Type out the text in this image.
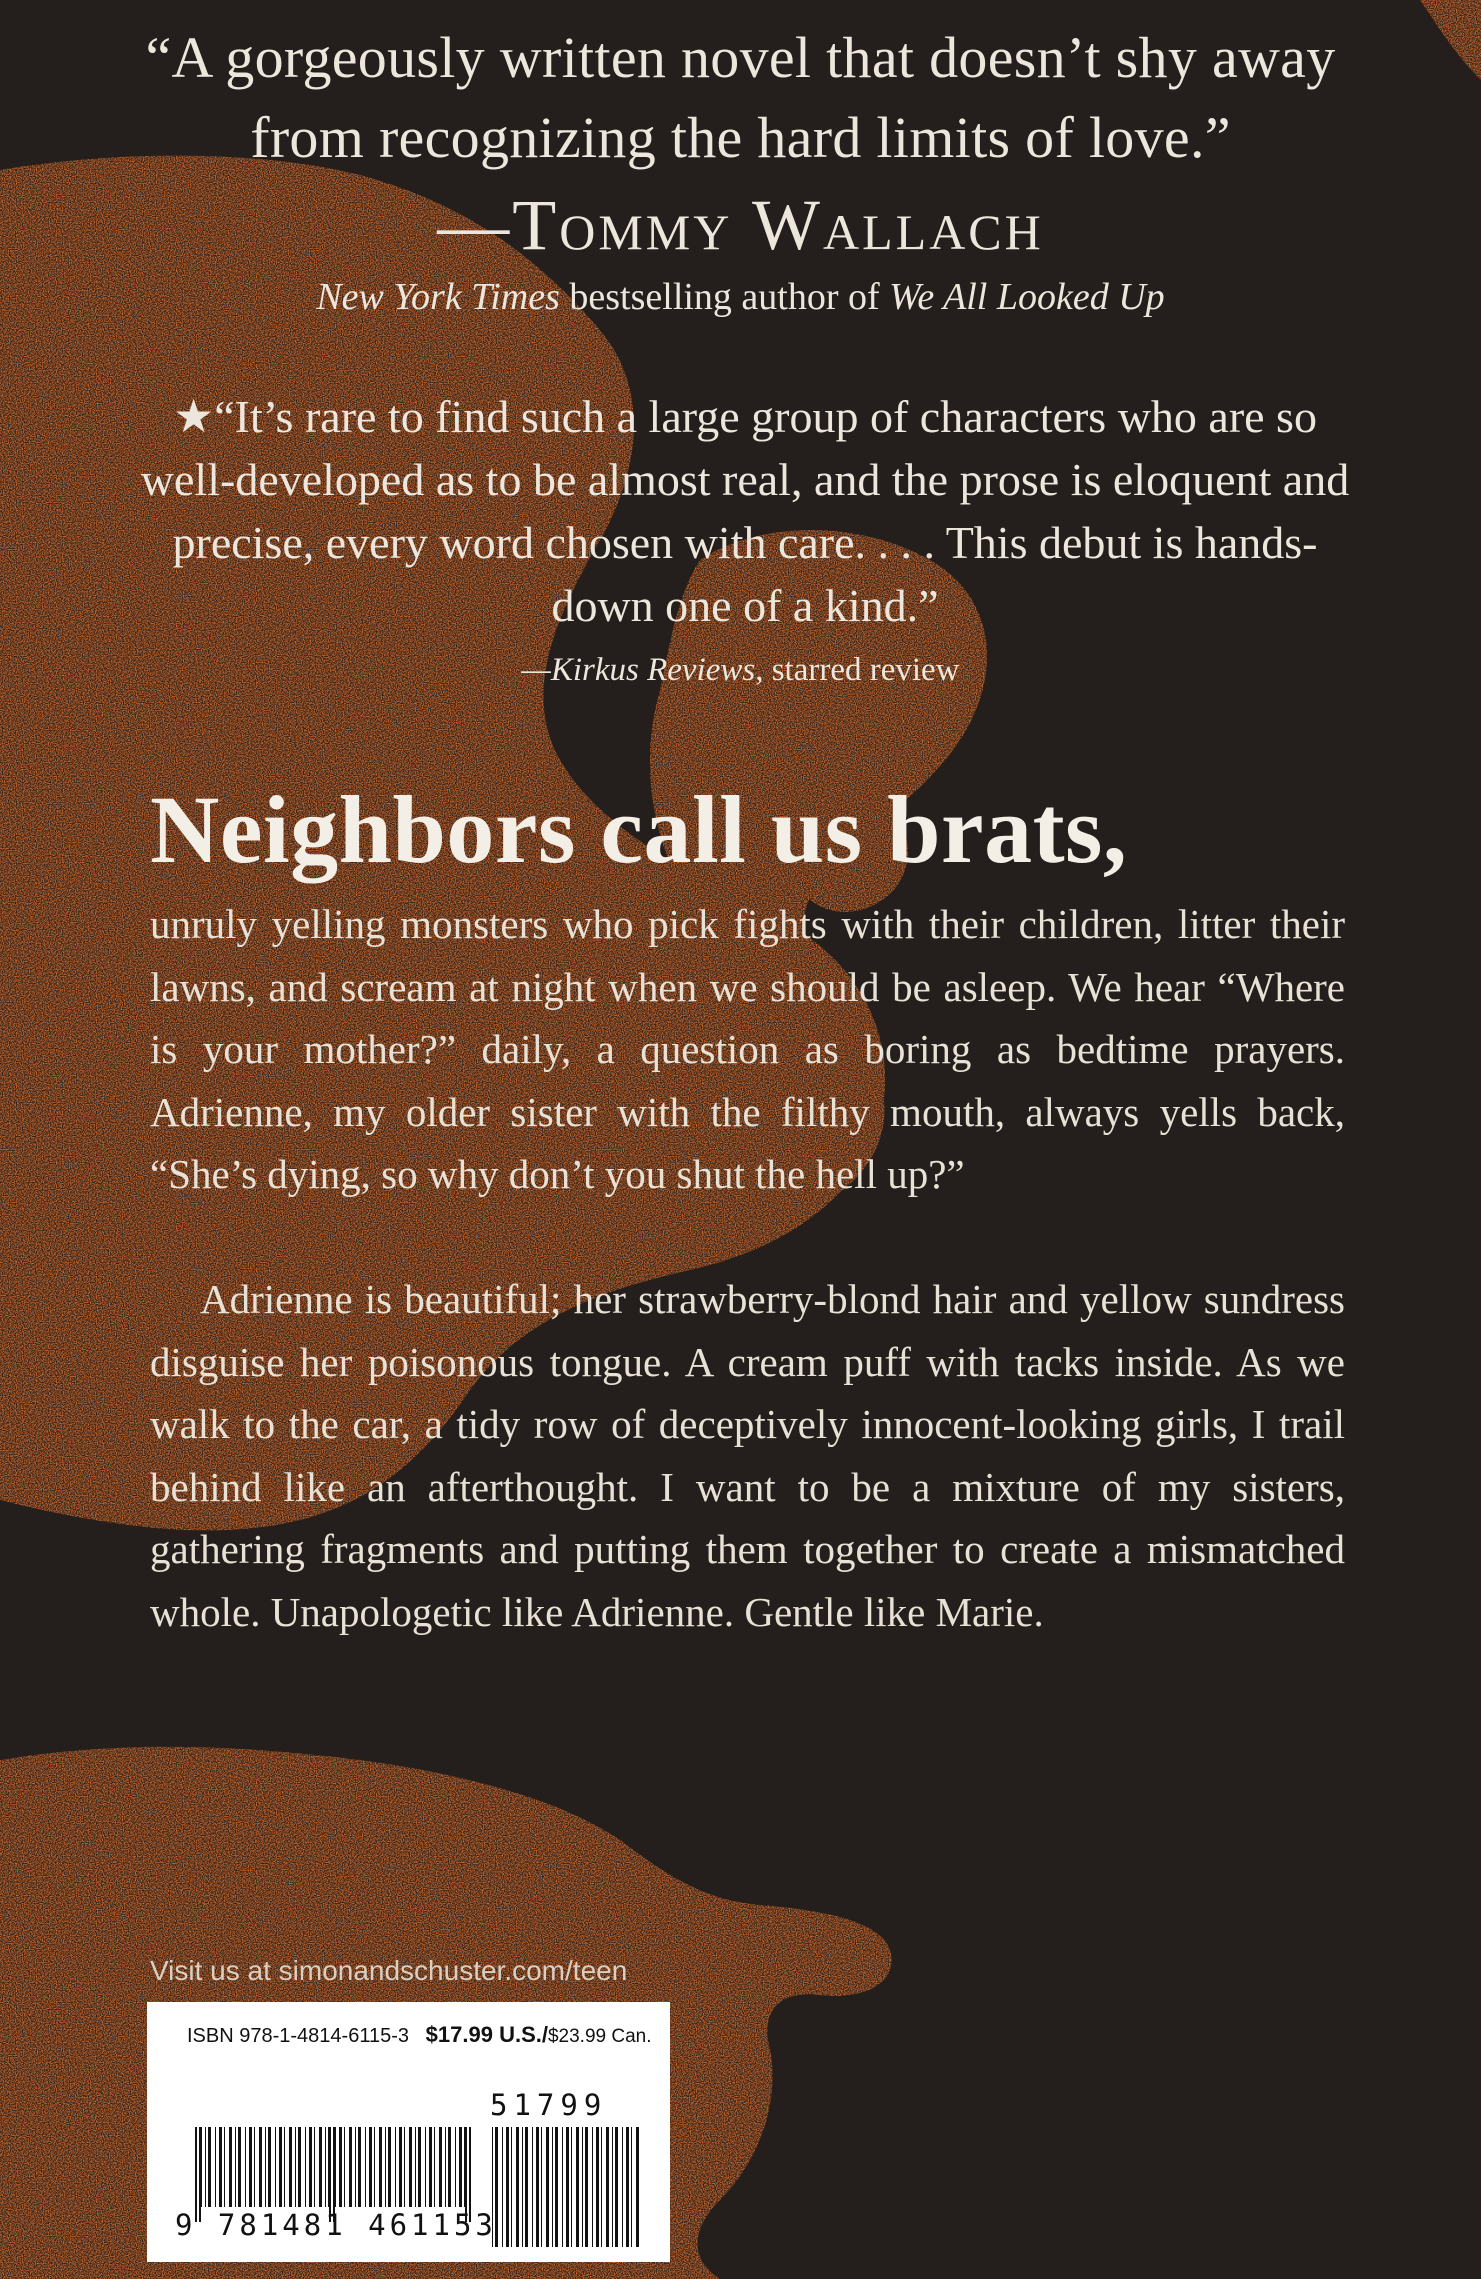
“A gorgeously written novel that doesn’t shy away
from recognizing the hard limits of love.”
—Tommy Wallach
New York Times bestselling author of We All Looked Up
★“It’s rare to find such a large group of characters who are so well-developed as to be almost real, and the prose is eloquent and precise, every word chosen with care. . . . This debut is hands-down one of a kind.”
—Kirkus Reviews, starred review
Neighbors call us brats,
unruly yelling monsters who pick fights with their children, litter their lawns, and scream at night when we should be asleep. We hear “Where is your mother?” daily, a question as boring as bedtime prayers. Adrienne, my older sister with the filthy mouth, always yells back, “She’s dying, so why don’t you shut the hell up?”
Adrienne is beautiful; her strawberry-blond hair and yellow sundress disguise her poisonous tongue. A cream puff with tacks inside. As we walk to the car, a tidy row of deceptively innocent-looking girls, I trail behind like an afterthought. I want to be a mixture of my sisters, gathering fragments and putting them together to create a mismatched whole. Unapologetic like Adrienne. Gentle like Marie.
Visit us at simonandschuster.com/teen
ISBN 978-1-4814-6115-3 $17.99 U.S./$23.99 Can.
51799
9 781481 461153
